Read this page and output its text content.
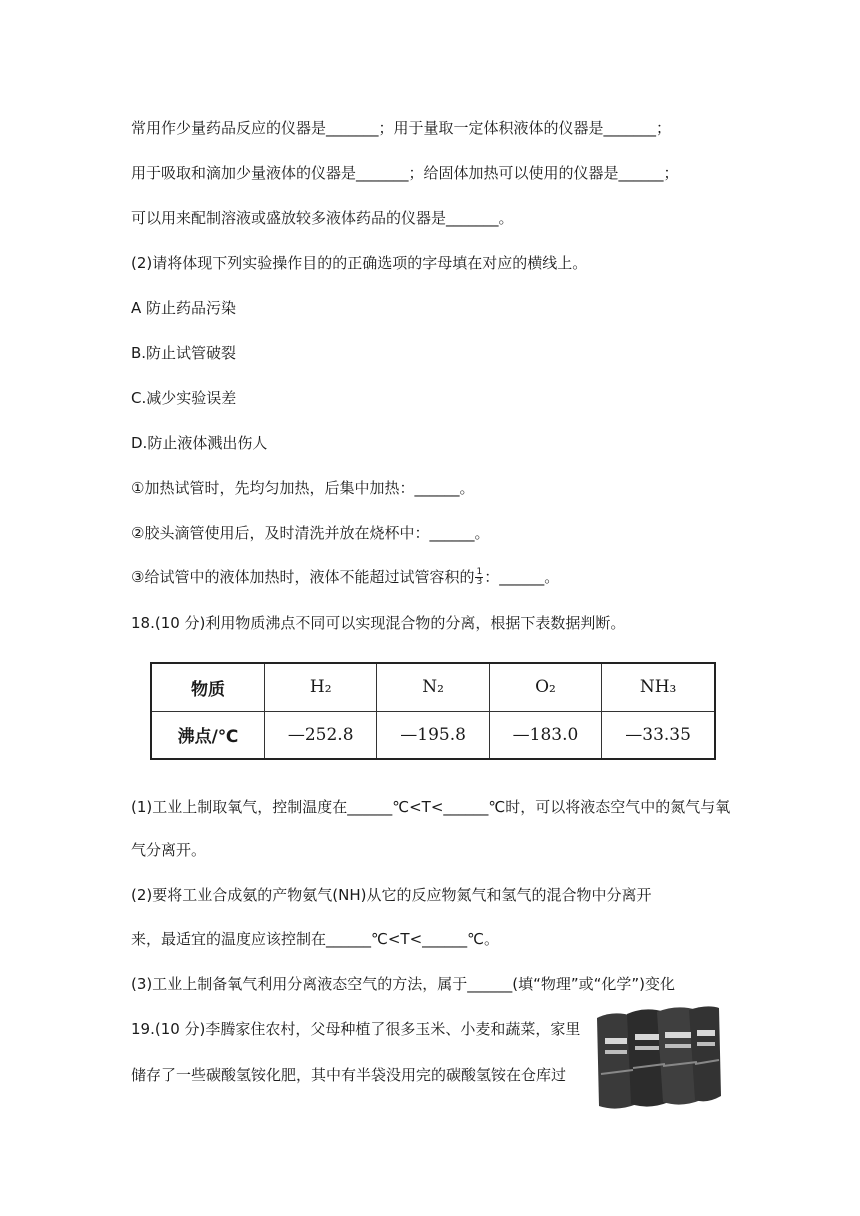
常用作少量药品反应的仪器是_______；用于量取一定体积液体的仪器是_______；
用于吸取和滴加少量液体的仪器是_______；给固体加热可以使用的仪器是______；
可以用来配制溶液或盛放较多液体药品的仪器是_______。
(2)请将体现下列实验操作目的的正确选项的字母填在对应的横线上。
A 防止药品污染
B.防止试管破裂
C.减少实验误差
D.防止液体溅出伤人
①加热试管时，先均匀加热，后集中加热：______。
②胶头滴管使用后，及时清洗并放在烧杯中：______。
③给试管中的液体加热时，液体不能超过试管容积的 $\frac{1}{3}$ ：______。
18.(10 分)利用物质沸点不同可以实现混合物的分离，根据下表数据判断。
物质	H₂	N₂	O₂	NH₃
沸点/℃	—252.8	—195.8	—183.0	—33.35
(1)工业上制取氧气，控制温度在______℃<T<______℃时，可以将液态空气中的氮气与氧
气分离开。
(2)要将工业合成氨的产物氨气(NH)从它的反应物氮气和氢气的混合物中分离开
来，最适宜的温度应该控制在______℃<T<______℃。
(3)工业上制备氧气利用分离液态空气的方法，属于______(填“物理”或“化学”)变化
19.(10 分)李腾家住农村，父母种植了很多玉米、小麦和蔬菜，家里
储存了一些碳酸氢铵化肥，其中有半袋没用完的碳酸氢铵在仓库过
